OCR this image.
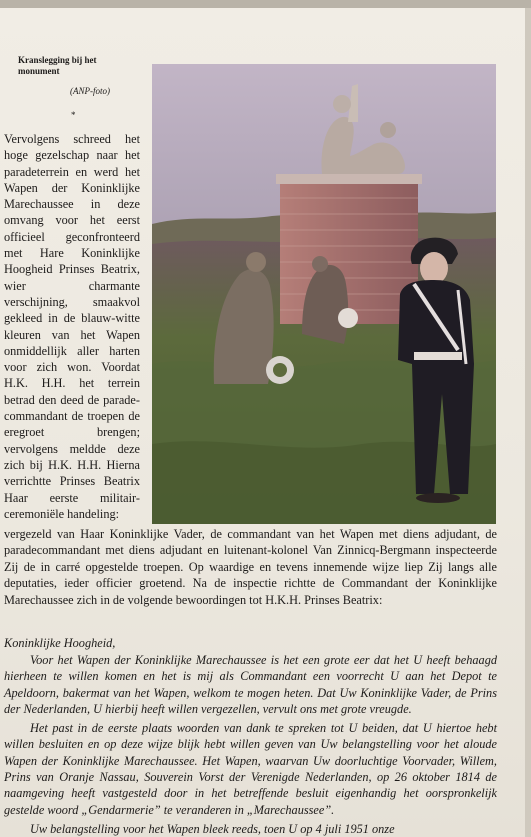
Kranslegging bij het monument
(ANP-foto)
*
Vervolgens schreed het hoge gezelschap naar het paradeterrein en werd het Wapen der Koninklijke Marechaussee in deze omvang voor het eerst officieel geconfronteerd met Hare Koninklijke Hoogheid Prinses Beatrix, wier charmante verschijning, smaakvol gekleed in de blauw-witte kleuren van het Wapen onmiddellijk aller harten voor zich won. Voordat H.K. H.H. het terrein betrad den deed de parade-commandant de troepen de eregroet brengen; vervolgens meldde deze zich bij H.K. H.H. Hierna verrichtte Prinses Beatrix Haar eerste militair-ceremoniële handeling:
vergezeld van Haar Koninklijke Vader, de commandant van het Wapen met diens adjudant, de paradecommandant met diens adjudant en luitenant-kolonel Van Zinnicq-Bergmann inspecteerde Zij de in carré opgestelde troepen. Op waardige en tevens innemende wijze liep Zij langs alle deputaties, ieder officier groetend. Na de inspectie richtte de Commandant der Koninklijke Marechaussee zich in de volgende bewoordingen tot H.K.H. Prinses Beatrix:
Koninklijke Hoogheid,

Voor het Wapen der Koninklijke Marechaussee is het een grote eer dat het U heeft behaagd hierheen te willen komen en het is mij als Commandant een voorrecht U aan het Depot te Apeldoorn, bakermat van het Wapen, welkom te mogen heten. Dat Uw Koninklijke Vader, de Prins der Nederlanden, U hierbij heeft willen vergezellen, vervult ons met grote vreugde.

Het past in de eerste plaats woorden van dank te spreken tot U beiden, dat U hiertoe hebt willen besluiten en op deze wijze blijk hebt willen geven van Uw belangstelling voor het aloude Wapen der Koninklijke Marechaussee. Het Wapen, waarvan Uw doorluchtige Voorvader, Willem, Prins van Oranje Nassau, Souverein Vorst der Verenigde Nederlanden, op 26 oktober 1814 de naamgeving heeft vastgesteld door in het betreffende besluit eigenhandig het oorspronkelijk gestelde woord „Gendarmerie” te veranderen in „Marechaussee”.

Uw belangstelling voor het Wapen bleek reeds, toen U op 4 juli 1951 onze
